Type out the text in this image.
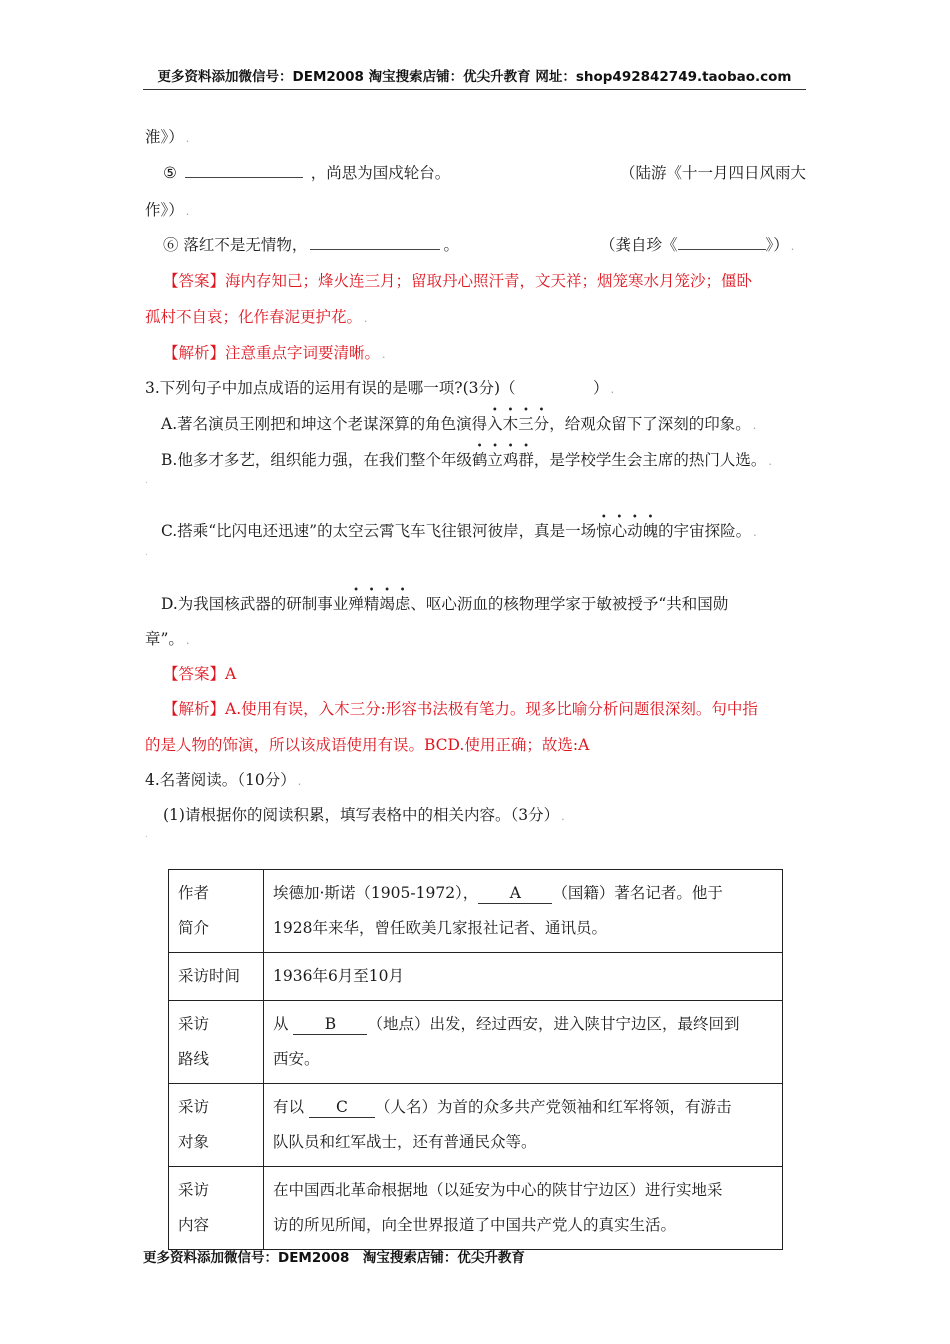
更多资料添加微信号：DEM2008 淘宝搜索店铺：优尖升教育 网址：shop492842749.taobao.com
淮》） .
⑤	，尚思为国戍轮台。	（陆游《十一月四日风雨大
作》） .
⑥ 落红不是无情物，	。	（龚自珍《	》） .
【答案】海内存知己；烽火连三月；留取丹心照汗青，文天祥；烟笼寒水月笼沙；僵卧
孤村不自哀；化作春泥更护花。 .
【解析】注意重点字词要清晰。 .
3.下列句子中加点成语的运用有误的是哪一项?(3分)（　　　　　） .
A.著名演员王刚把和坤这个老谋深算的角色演得入木三分，给观众留下了深刻的印象。 .
B.他多才多艺，组织能力强，在我们整个年级鹤立鸡群，是学校学生会主席的热门人选。 .
.
C.搭乘“比闪电还迅速”的太空云霄飞车飞往银河彼岸，真是一场惊心动魄的宇宙探险。 .
.
D.为我国核武器的研制事业殚精竭虑、呕心沥血的核物理学家于敏被授予“共和国勋
章”。 .
【答案】A
【解析】A.使用有误，入木三分:形容书法极有笔力。现多比喻分析问题很深刻。句中指
的是人物的饰演，所以该成语使用有误。BCD.使用正确；故选:A
4.名著阅读。（10分） .
(1)请根据你的阅读积累，填写表格中的相关内容。（3分） .
.
作者
简介	埃德加·斯诺（1905-1972）， A （国籍）著名记者。他于
1928年来华，曾任欧美几家报社记者、通讯员。
采访时间	1936年6月至10月
采访
路线	从 B （地点）出发，经过西安，进入陕甘宁边区，最终回到
西安。
采访
对象	有以 C （人名）为首的众多共产党领袖和红军将领，有游击
队队员和红军战士，还有普通民众等。
采访
内容	在中国西北革命根据地（以延安为中心的陕甘宁边区）进行实地采
访的所见所闻，向全世界报道了中国共产党人的真实生活。
更多资料添加微信号：DEM2008　淘宝搜索店铺：优尖升教育
